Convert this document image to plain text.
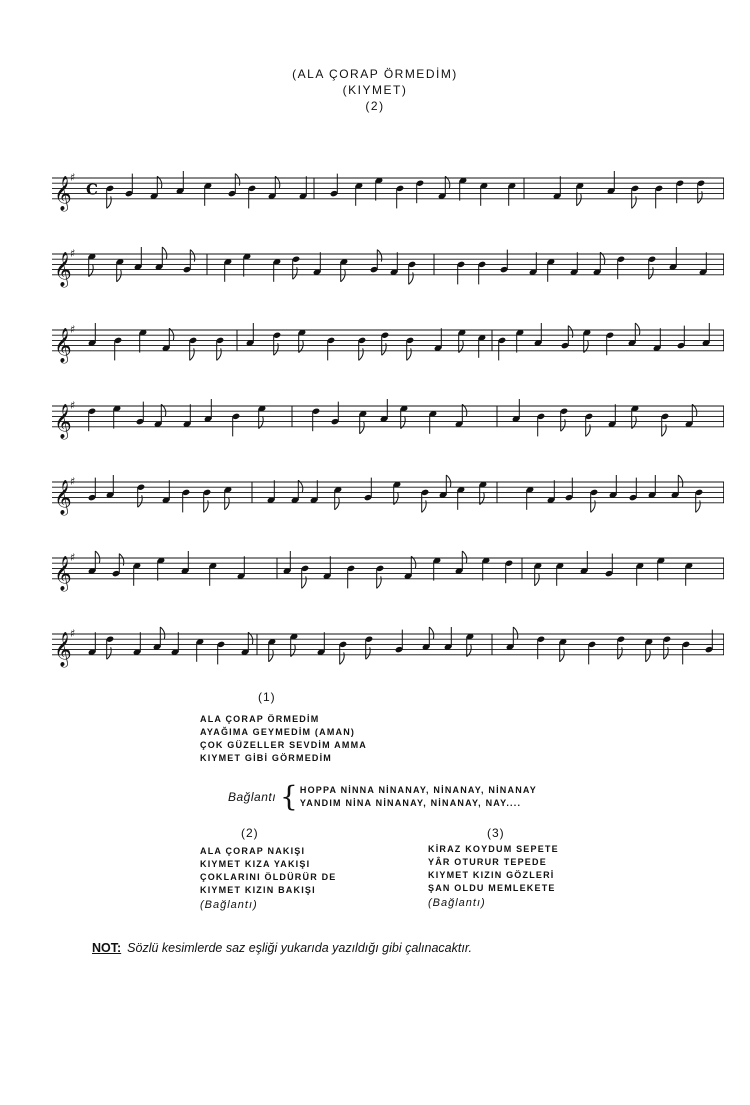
(ALA ÇORAP ÖRMEDİM)
(KIYMET)
(2)
𝄞
♯
C
𝄞
♯
𝄞
♯
𝄞
♯
𝄞
♯
𝄞
♯
𝄞
♯
(1)
ALA ÇORAP ÖRMEDİM
AYAĞIMA GEYMEDİM (AMAN)
ÇOK GÜZELLER SEVDİM AMMA
KIYMET GİBİ GÖRMEDİM
Bağlantı { HOPPA NİNNA NİNANAY, NİNANAY, NİNANAY
YANDIM NİNA NİNANAY, NİNANAY, NAY....
(2)
ALA ÇORAP NAKIŞI
KIYMET KIZA YAKIŞI
ÇOKLARINI ÖLDÜRÜR DE
KIYMET KIZIN BAKIŞI
(Bağlantı)
(3)
KİRAZ KOYDUM SEPETE
YÂR OTURUR TEPEDE
KIYMET KIZIN GÖZLERİ
ŞAN OLDU MEMLEKETE
(Bağlantı)
NOT: Sözlü kesimlerde saz eşliği yukarıda yazıldığı gibi çalınacaktır.
